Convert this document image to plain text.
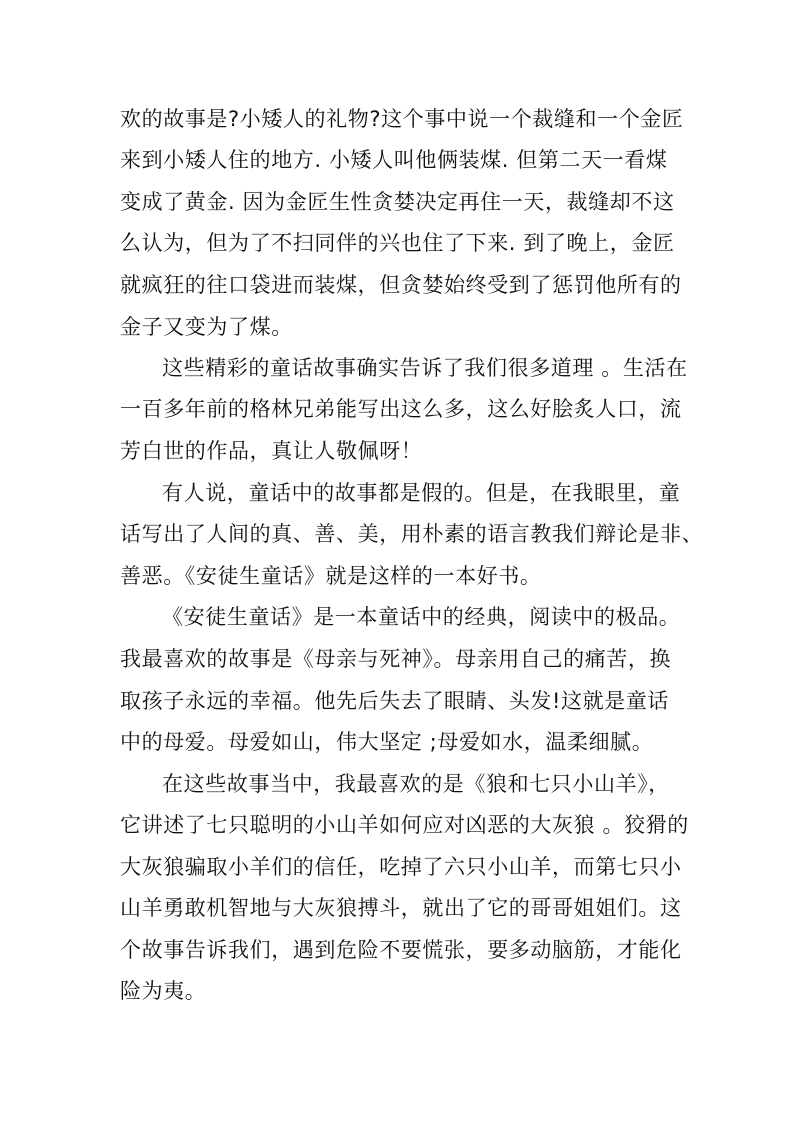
欢的故事是?小矮人的礼物?这个事中说一个裁缝和一个金匠
来到小矮人住的地方. 小矮人叫他俩装煤. 但第二天一看煤
变成了黄金. 因为金匠生性贪婪决定再住一天，裁缝却不这
么认为，但为了不扫同伴的兴也住了下来. 到了晚上，金匠
就疯狂的往口袋进而装煤，但贪婪始终受到了惩罚他所有的
金子又变为了煤。
这些精彩的童话故事确实告诉了我们很多道理 。生活在
一百多年前的格林兄弟能写出这么多，这么好脍炙人口，流
芳白世的作品，真让人敬佩呀！
有人说，童话中的故事都是假的。但是，在我眼里，童
话写出了人间的真、善、美，用朴素的语言教我们辩论是非、
善恶。《安徒生童话》就是这样的一本好书。
《安徒生童话》是一本童话中的经典，阅读中的极品。
我最喜欢的故事是《母亲与死神》。母亲用自己的痛苦，换
取孩子永远的幸福。他先后失去了眼睛、头发!这就是童话
中的母爱。母爱如山，伟大坚定 ;母爱如水，温柔细腻。
在这些故事当中，我最喜欢的是《狼和七只小山羊》，
它讲述了七只聪明的小山羊如何应对凶恶的大灰狼 。狡猾的
大灰狼骗取小羊们的信任，吃掉了六只小山羊，而第七只小
山羊勇敢机智地与大灰狼搏斗，就出了它的哥哥姐姐们。这
个故事告诉我们，遇到危险不要慌张，要多动脑筋，才能化
险为夷。
